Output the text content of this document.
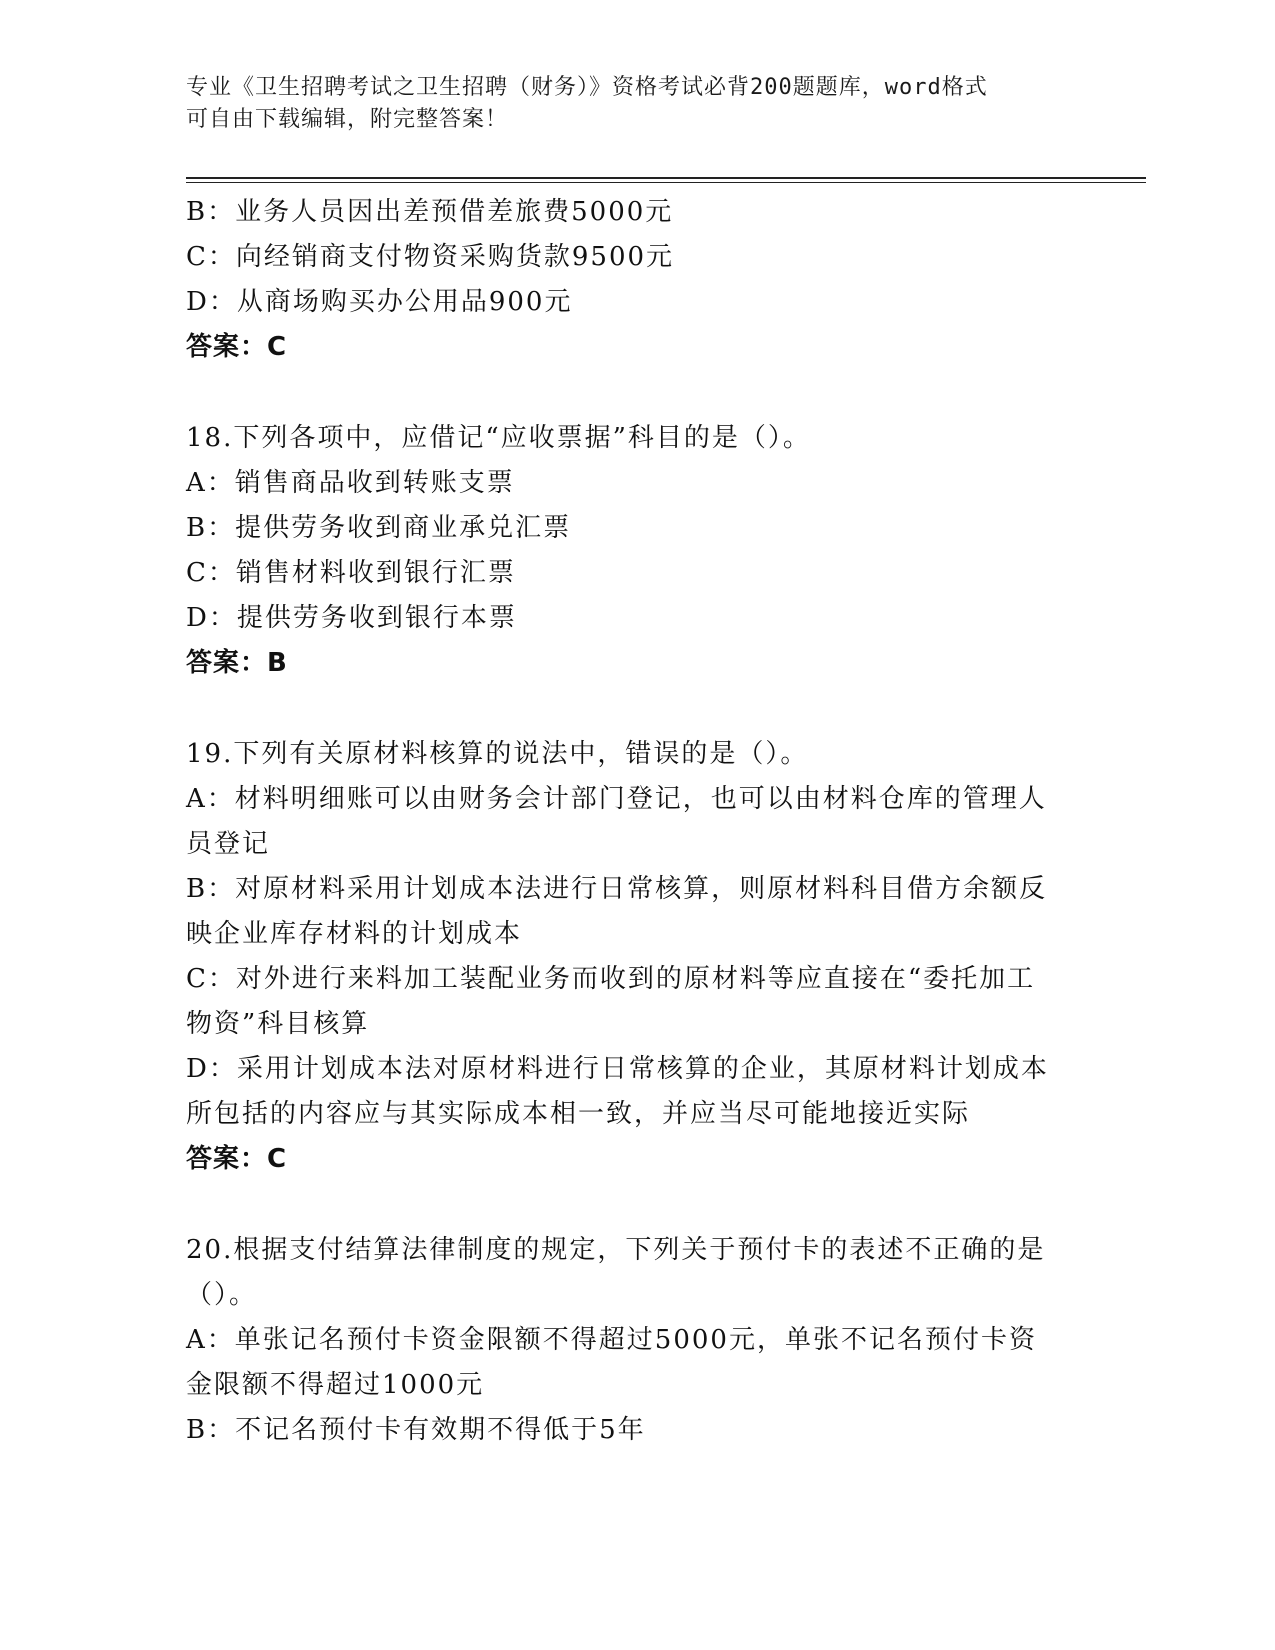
专业《卫生招聘考试之卫生招聘（财务）》资格考试必背200题题库，word格式
可自由下载编辑，附完整答案！
B：业务人员因出差预借差旅费5000元
C：向经销商支付物资采购货款9500元
D：从商场购买办公用品900元
答案：C
18.下列各项中，应借记“应收票据”科目的是（）。
A：销售商品收到转账支票
B：提供劳务收到商业承兑汇票
C：销售材料收到银行汇票
D：提供劳务收到银行本票
答案：B
19.下列有关原材料核算的说法中，错误的是（）。
A：材料明细账可以由财务会计部门登记，也可以由材料仓库的管理人
员登记
B：对原材料采用计划成本法进行日常核算，则原材料科目借方余额反
映企业库存材料的计划成本
C：对外进行来料加工装配业务而收到的原材料等应直接在“委托加工
物资”科目核算
D：采用计划成本法对原材料进行日常核算的企业，其原材料计划成本
所包括的内容应与其实际成本相一致，并应当尽可能地接近实际
答案：C
20.根据支付结算法律制度的规定，下列关于预付卡的表述不正确的是
（）。
A：单张记名预付卡资金限额不得超过5000元，单张不记名预付卡资
金限额不得超过1000元
B：不记名预付卡有效期不得低于5年
